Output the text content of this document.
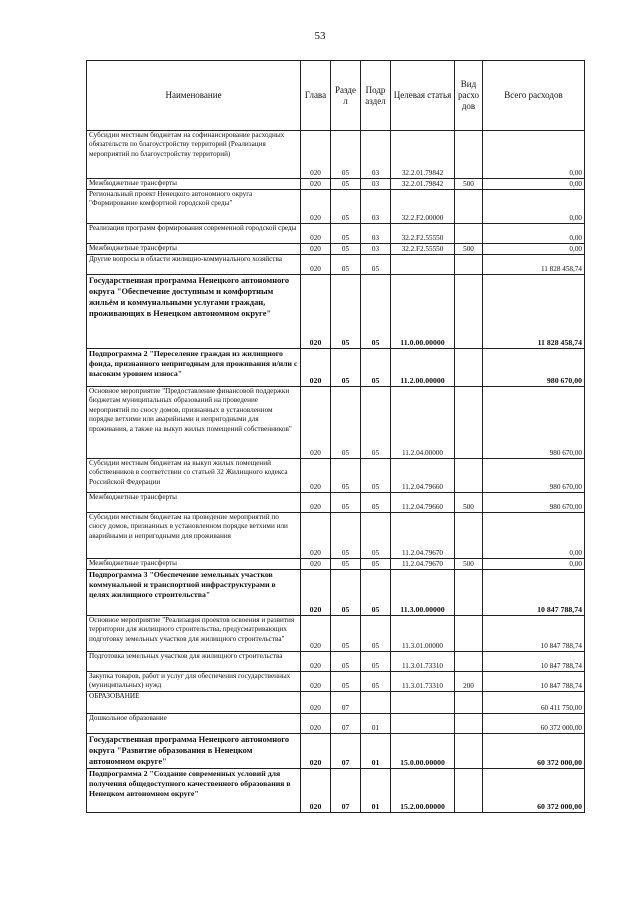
53
Наименование	Глава	Разде л	Подр аздел	Целевая статья	Вид расхо дов	Всего расходов
Субсидии местным бюджетам на софинансирование расходных обязательств по благоустройству территорий (Реализация мероприятий по благоустройству территорий)	020	05	03	32.2.01.79842		0,00
Межбюджетные трансферты	020	05	03	32.2.01.79842	500	0,00
Региональный проект Ненецкого автономного округа "Формирование комфортной городской среды"	020	05	03	32.2.F2.00000		0,00
Реализация программ формирования современной городской среды	020	05	03	32.2.F2.55550		0,00
Межбюджетные трансферты	020	05	03	32.2.F2.55550	500	0,00
Другие вопросы в области жилищно-коммунального хозяйства	020	05	05			11 828 458,74
Государственная программа Ненецкого автономного округа "Обеспечение доступным и комфортным жильём и коммунальными услугами граждан, проживающих в Ненецком автономном округе"	020	05	05	11.0.00.00000		11 828 458,74
Подпрограмма 2 "Переселение граждан из жилищного фонда, признанного непригодным для проживания и/или с высоким уровнем износа"	020	05	05	11.2.00.00000		980 670,00
Основное мероприятие "Предоставление финансовой поддержки бюджетам муниципальных образований на проведение мероприятий по сносу домов, признанных в установленном порядке ветхими или аварийными и непригодными для проживания, а также на выкуп жилых помещений собственников"	020	05	05	11.2.04.00000		980 670,00
Субсидии местным бюджетам на выкуп жилых помещений собственников в соответствии со статьей 32 Жилищного кодекса Российской Федерации	020	05	05	11.2.04.79660		980 670,00
Межбюджетные трансферты	020	05	05	11.2.04.79660	500	980 670,00
Субсидии местным бюджетам на проведение мероприятий по сносу домов, признанных в установленном порядке ветхими или аварийными и непригодными для проживания	020	05	05	11.2.04.79670		0,00
Межбюджетные трансферты	020	05	05	11.2.04.79670	500	0,00
Подпрограмма 3 "Обеспечение земельных участков коммунальной и транспортной инфраструктурами в целях жилищного строительства"	020	05	05	11.3.00.00000		10 847 788,74
Основное мероприятие "Реализация проектов освоения и развития территории для жилищного строительства, предусматривающих подготовку земельных участков для жилищного строительства"	020	05	05	11.3.01.00000		10 847 788,74
Подготовка земельных участков для жилищного строительства	020	05	05	11.3.01.73310		10 847 788,74
Закупка товаров, работ и услуг для обеспечения государственных (муниципальных) нужд	020	05	05	11.3.01.73310	200	10 847 788,74
ОБРАЗОВАНИЕ	020	07				60 411 750,00
Дошкольное образование	020	07	01			60 372 000,00
Государственная программа Ненецкого автономного округа "Развитие образования в Ненецком автономном округе"	020	07	01	15.0.00.00000		60 372 000,00
Подпрограмма 2 "Создание современных условий для получения общедоступного качественного образования в Ненецком автономном округе"	020	07	01	15.2.00.00000		60 372 000,00
